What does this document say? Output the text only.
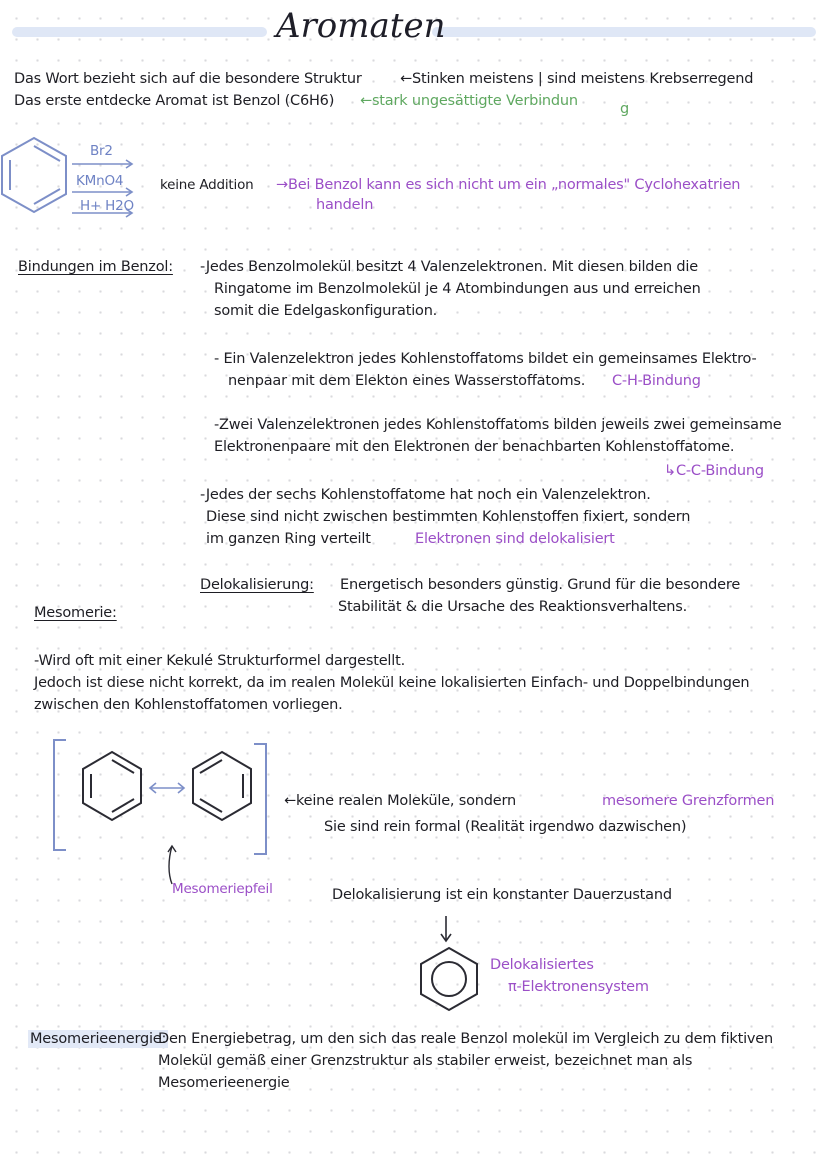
Aromaten
Das Wort bezieht sich auf die besondere Struktur	←Stinken meistens | sind meistens Krebserregend
Das erste entdecke Aromat ist Benzol (C6H6) ←stark ungesättigte Verbindun	g
Br2
KMnO4
H+ H2O
keine Addition →Bei Benzol kann es sich nicht um ein „normales" Cyclohexatrien
handeln
Bindungen im Benzol: -Jedes Benzolmolekül besitzt 4 Valenzelektronen. Mit diesen bilden die
Ringatome im Benzolmolekül je 4 Atombindungen aus und erreichen
somit die Edelgaskonfiguration.
- Ein Valenzelektron jedes Kohlenstoffatoms bildet ein gemeinsames Elektro-
nenpaar mit dem Elekton eines Wasserstoffatoms. C-H-Bindung
-Zwei Valenzelektronen jedes Kohlenstoffatoms bilden jeweils zwei gemeinsame
Elektronenpaare mit den Elektronen der benachbarten Kohlenstoffatome.
↳C-C-Bindung
-Jedes der sechs Kohlenstoffatome hat noch ein Valenzelektron.
Diese sind nicht zwischen bestimmten Kohlenstoffen fixiert, sondern
im ganzen Ring verteilt	Elektronen sind delokalisiert
Delokalisierung: Energetisch besonders günstig. Grund für die besondere
Stabilität & die Ursache des Reaktionsverhaltens.
Mesomerie:
-Wird oft mit einer Kekulé Strukturformel dargestellt.
Jedoch ist diese nicht korrekt, da im realen Molekül keine lokalisierten Einfach- und Doppelbindungen
zwischen den Kohlenstoffatomen vorliegen.
Mesomeriepfeil
←keine realen Moleküle, sondern	mesomere Grenzformen
Sie sind rein formal (Realität irgendwo dazwischen)
Delokalisierung ist ein konstanter Dauerzustand
Delokalisiertes
π-Elektronensystem
Mesomerieenergie:
Den Energiebetrag, um den sich das reale Benzol molekül im Vergleich zu dem fiktiven
Molekül gemäß einer Grenzstruktur als stabiler erweist, bezeichnet man als
Mesomerieenergie
